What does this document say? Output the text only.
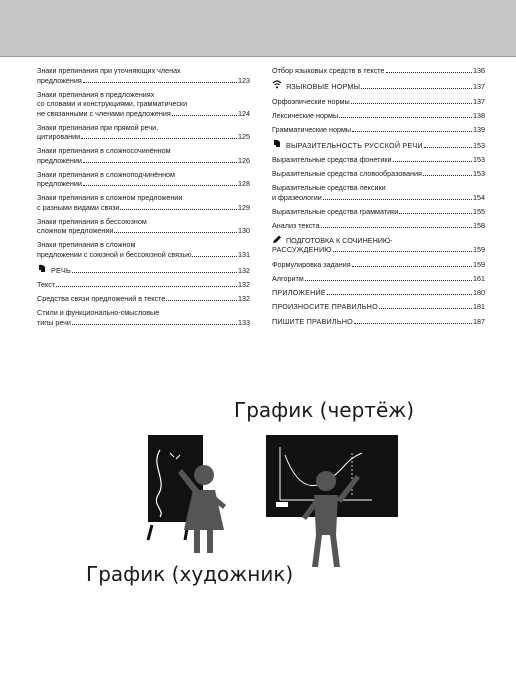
Знаки препинания при уточняющих членах
предложения	123
Знаки препинания в предложениях
со словами и конструкциями, грамматически
не связанными с членами предложения	124
Знаки препинания при прямой речи,
цитировании	125
Знаки препинания в сложносочинённом
предложении	126
Знаки препинания в сложноподчинённом
предложении	128
Знаки препинания в сложном предложении
с разными видами связи	129
Знаки препинания в бессоюзном
сложном предложении	130
Знаки препинания в сложном
предложении с союзной и бессоюзной связью	131
РЕЧЬ	132
Текст	132
Средства связи предложений в тексте	132
Стили и функционально-смысловые
типы речи	133
Отбор языковых средств в тексте	136
ЯЗЫКОВЫЕ НОРМЫ	137
Орфоэпические нормы	137
Лексические нормы	138
Грамматические нормы	139
ВЫРАЗИТЕЛЬНОСТЬ РУССКОЙ РЕЧИ	153
Выразительные средства фонетики	153
Выразительные средства словообразования	153
Выразительные средства лексики
и фразеологии	154
Выразительные средства грамматики	155
Анализ текста	158
ПОДГОТОВКА К СОЧИНЕНИЮ-
РАССУЖДЕНИЮ	159
Формулировка задания	159
Алгоритм	161
ПРИЛОЖЕНИЕ	180
ПРОИЗНОСИТЕ ПРАВИЛЬНО	181
ПИШИТЕ ПРАВИЛЬНО	187
График (чертёж)
График (художник)
